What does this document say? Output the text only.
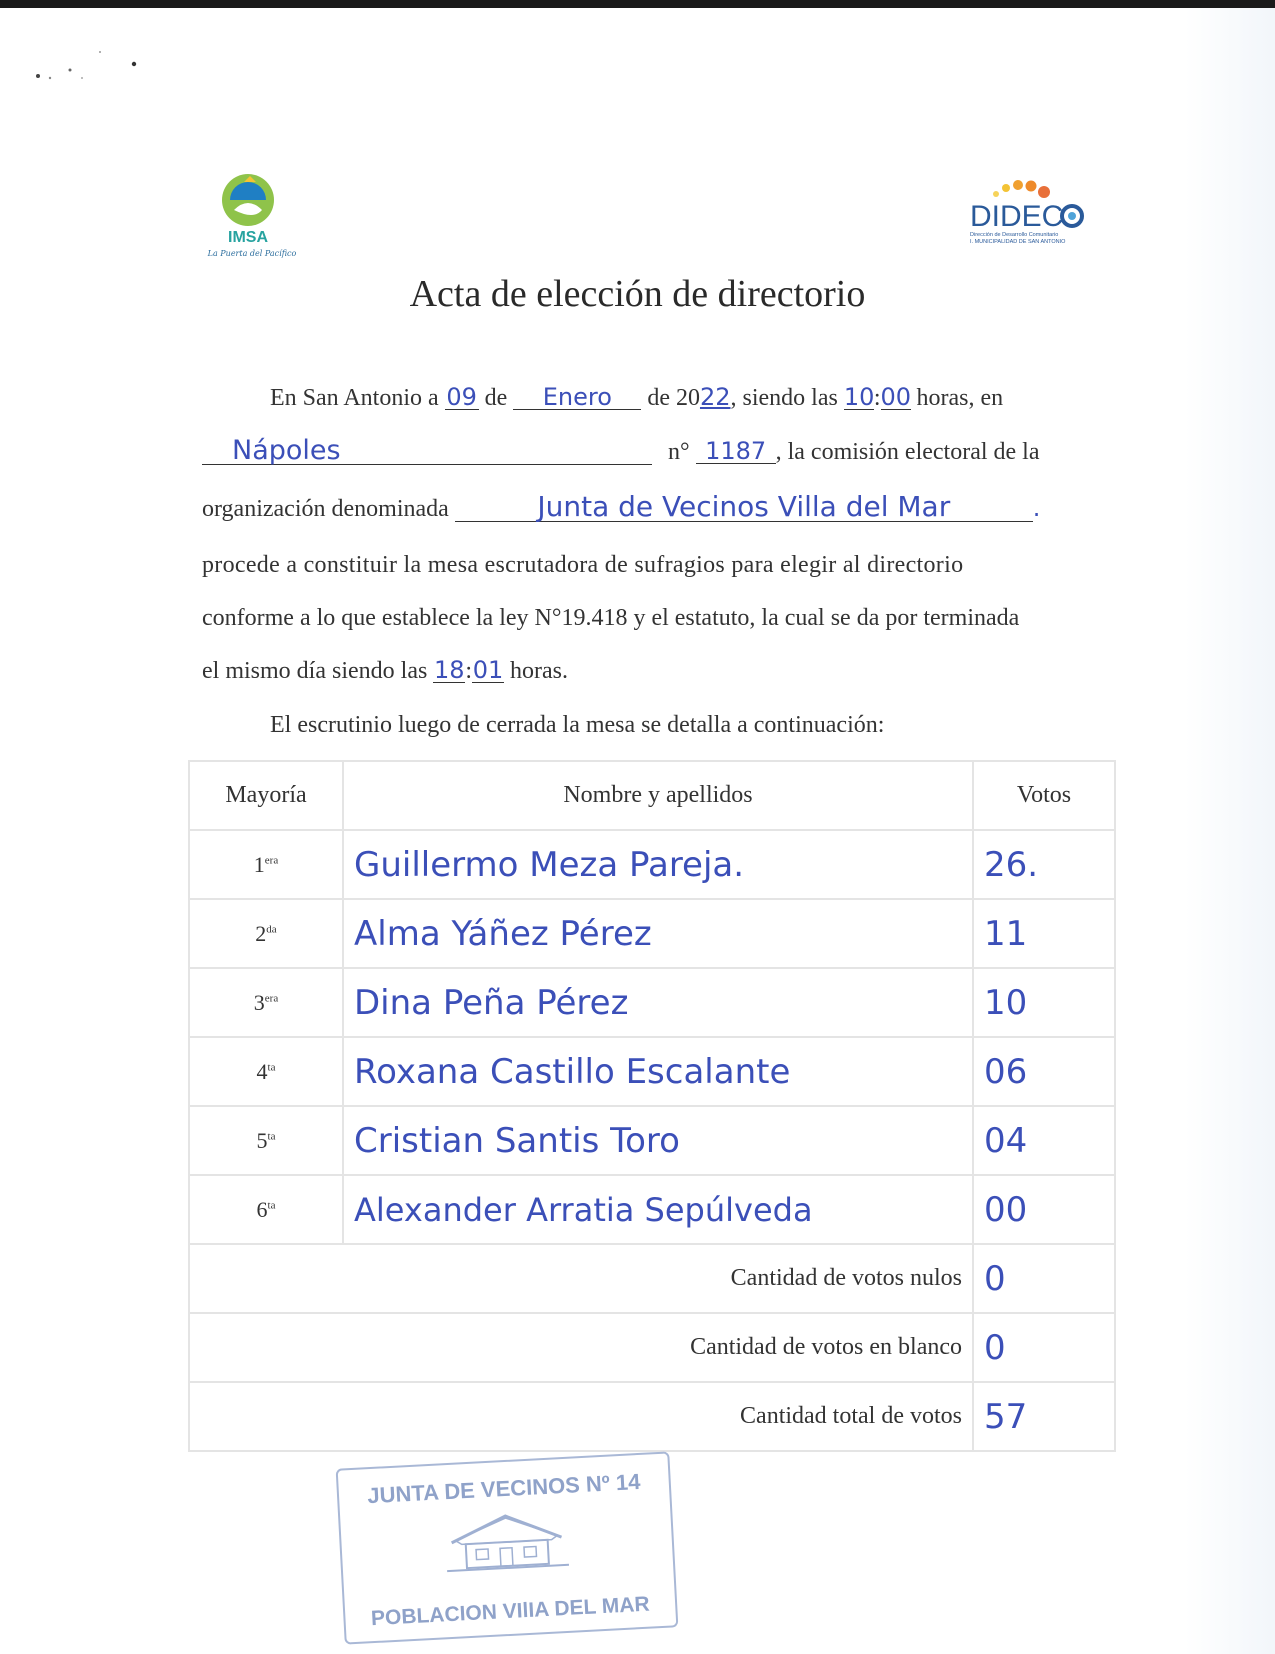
IMSA
La Puerta del Pacífico
DIDEC
Dirección de Desarrollo Comunitario
I. MUNICIPALIDAD DE SAN ANTONIO
Acta de elección de directorio
En San Antonio a 09 de Enero de 2022, siendo las 10:00 horas, en
Nápoles	n° 1187 , la comisión electoral de la
organización denominada	Junta de Vecinos Villa del Mar	.
procede a constituir la mesa escrutadora de sufragios para elegir al directorio
conforme a lo que establece la ley N°19.418 y el estatuto, la cual se da por terminada
el mismo día siendo las 18:01 horas.
El escrutinio luego de cerrada la mesa se detalla a continuación:
Mayoría	Nombre y apellidos	Votos
$1^{era}$	Guillermo Meza Pareja.	26.
$2^{da}$	Alma Yáñez Pérez	11
$3^{era}$	Dina Peña Pérez	10
$4^{ta}$	Roxana Castillo Escalante	06
$5^{ta}$	Cristian Santis Toro	04
$6^{ta}$	Alexander Arratia Sepúlveda	00
Cantidad de votos nulos		0
Cantidad de votos en blanco		0
Cantidad total de votos		57
JUNTA DE VECINOS Nº 14
POBLACION VIlIA DEL MAR
